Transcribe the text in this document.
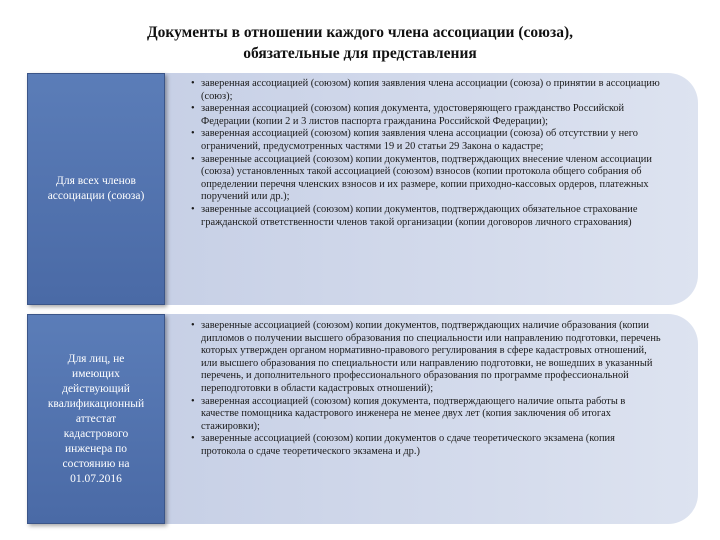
Документы в отношении каждого члена ассоциации (союза),
обязательные для представления
Для всех членов
ассоциации (союза)
• заверенная ассоциацией (союзом) копия заявления члена ассоциации (союза) о принятии в ассоциацию (союз);
• заверенная ассоциацией (союзом) копия документа, удостоверяющего гражданство Российской Федерации (копии 2 и 3 листов паспорта гражданина Российской Федерации);
• заверенная ассоциацией (союзом) копия заявления члена ассоциации (союза) об отсутствии у него ограничений, предусмотренных частями 19 и 20 статьи 29 Закона о кадастре;
• заверенные ассоциацией (союзом) копии документов, подтверждающих внесение членом ассоциации (союза) установленных такой ассоциацией (союзом) взносов (копии протокола общего собрания об определении перечня членских взносов и их размере, копии приходно-кассовых ордеров, платежных поручений или др.);
• заверенные ассоциацией (союзом) копии документов, подтверждающих обязательное страхование гражданской ответственности членов такой организации (копии договоров личного страхования)
Для лиц, не
имеющих
действующий
квалификационный
аттестат
кадастрового
инженера по
состоянию на
01.07.2016
• заверенные ассоциацией (союзом) копии документов, подтверждающих наличие образования (копии дипломов о получении высшего образования по специальности или направлению подготовки, перечень которых утвержден органом нормативно-правового регулирования в сфере кадастровых отношений, или высшего образования по специальности или направлению подготовки, не вошедших в указанный перечень, и дополнительного профессионального образования по программе профессиональной переподготовки в области кадастровых отношений);
• заверенная ассоциацией (союзом) копия документа, подтверждающего наличие опыта работы в качестве помощника кадастрового инженера не менее двух лет (копия заключения об итогах стажировки);
• заверенные ассоциацией (союзом) копии документов о сдаче теоретического экзамена (копия протокола о сдаче теоретического экзамена и др.)
